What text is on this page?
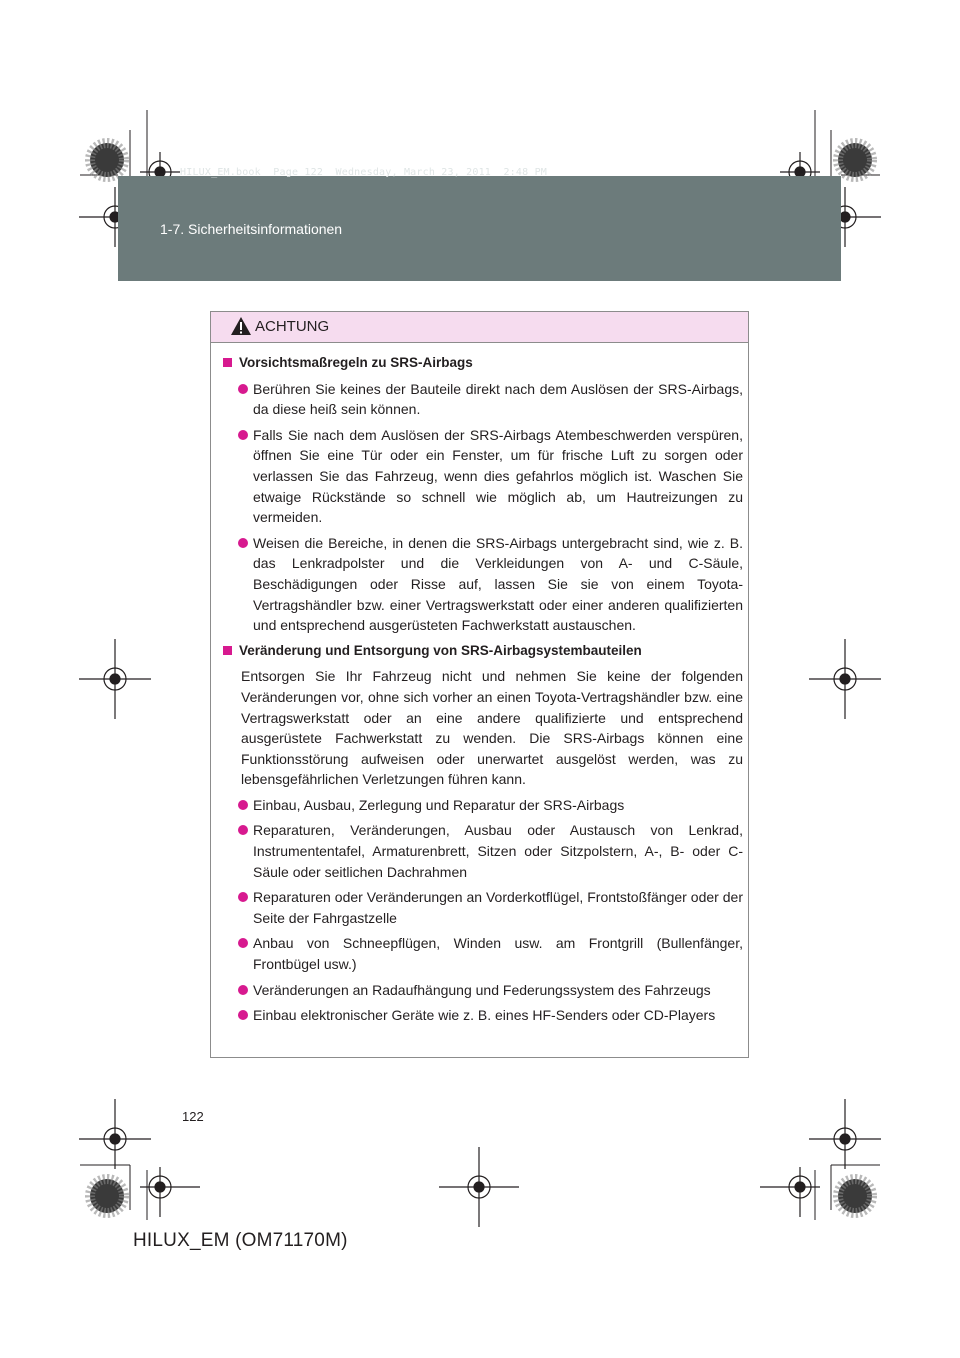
HILUX_EM.book  Page 122  Wednesday, March 23, 2011  2:48 PM
1-7. Sicherheitsinformationen
ACHTUNG
Vorsichtsmaßregeln zu SRS-Airbags
Berühren Sie keines der Bauteile direkt nach dem Auslösen der SRS-Airbags, da diese heiß sein können.
Falls Sie nach dem Auslösen der SRS-Airbags Atembeschwerden verspüren, öffnen Sie eine Tür oder ein Fenster, um für frische Luft zu sorgen oder verlassen Sie das Fahrzeug, wenn dies gefahrlos möglich ist. Waschen Sie etwaige Rückstände so schnell wie möglich ab, um Hautreizungen zu vermeiden.
Weisen die Bereiche, in denen die SRS-Airbags untergebracht sind, wie z. B. das Lenkradpolster und die Verkleidungen von A- und C-Säule, Beschädigungen oder Risse auf, lassen Sie sie von einem Toyota-Vertragshändler bzw. einer Vertragswerkstatt oder einer anderen qualifizierten und entsprechend ausgerüsteten Fachwerkstatt austauschen.
Veränderung und Entsorgung von SRS-Airbagsystembauteilen
Entsorgen Sie Ihr Fahrzeug nicht und nehmen Sie keine der folgenden Veränderungen vor, ohne sich vorher an einen Toyota-Vertragshändler bzw. eine Vertragswerkstatt oder an eine andere qualifizierte und entsprechend ausgerüstete Fachwerkstatt zu wenden. Die SRS-Airbags können eine Funktionsstörung aufweisen oder unerwartet ausgelöst werden, was zu lebensgefährlichen Verletzungen führen kann.
Einbau, Ausbau, Zerlegung und Reparatur der SRS-Airbags
Reparaturen, Veränderungen, Ausbau oder Austausch von Lenkrad, Instrumententafel, Armaturenbrett, Sitzen oder Sitzpolstern, A-, B- oder C-Säule oder seitlichen Dachrahmen
Reparaturen oder Veränderungen an Vorderkotflügel, Frontstoßfänger oder der Seite der Fahrgastzelle
Anbau von Schneepflügen, Winden usw. am Frontgrill (Bullenfänger, Frontbügel usw.)
Veränderungen an Radaufhängung und Federungssystem des Fahrzeugs
Einbau elektronischer Geräte wie z. B. eines HF-Senders oder CD-Players
122
HILUX_EM (OM71170M)
